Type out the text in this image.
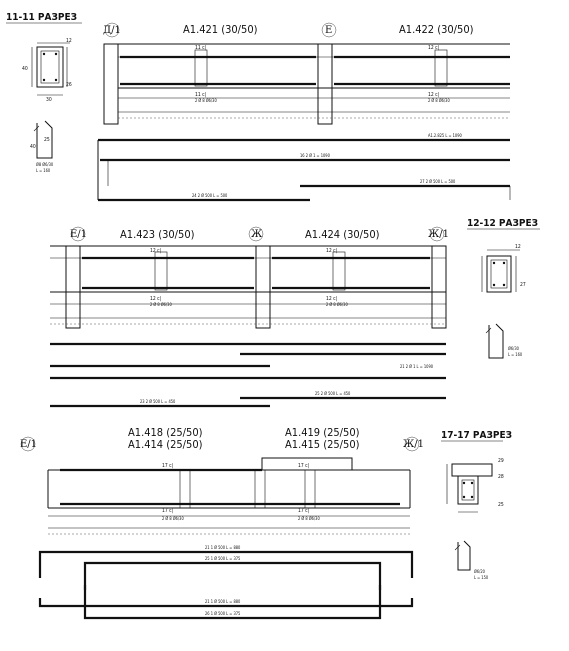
11-11 РАЗРЕЗ
12
40
26
30
40
25
Ø8 Ø6/30
L = 160
Д/1	Е
A1.421 (30/50)	A1.422 (30/50)
11 ᴄ|	12 ᴄ|
11 ᴄ|	12 ᴄ|
2 Ø 8 Ø6/30	2 Ø 8 Ø6/30
A1.2.825 L = 1090
16 2 Ø 1 = 1090
24 2 Ø 500 L = 500
27 2 Ø 500 L = 500
Е/1	Ж	Ж/1
A1.423 (30/50)	A1.424 (30/50)
12 ᴄ|	12 ᴄ|
12 ᴄ|	12 ᴄ|
2 Ø 8 Ø6/30	2 Ø 8 Ø6/30
21 2 Ø 1 L = 1090
25 2 Ø 500 L = 450
23 2 Ø 500 L = 450
12-12 РАЗРЕЗ
12
27
Ø6/30
L = 160
Е/1	Ж/1
A1.418 (25/50)
A1.414 (25/50)
A1.419 (25/50)
A1.415 (25/50)
17 ᴄ|	17 ᴄ|
17 ᴄ|	17 ᴄ|
2 Ø 8 Ø6/30	2 Ø 8 Ø6/30
21 1 Ø 500 L = 880
25 1 Ø 500 L = 375
21 1 Ø 500 L = 880
26 1 Ø 500 L = 375
17-17 РАЗРЕЗ
29
28
25
Ø6/20
L = 150
